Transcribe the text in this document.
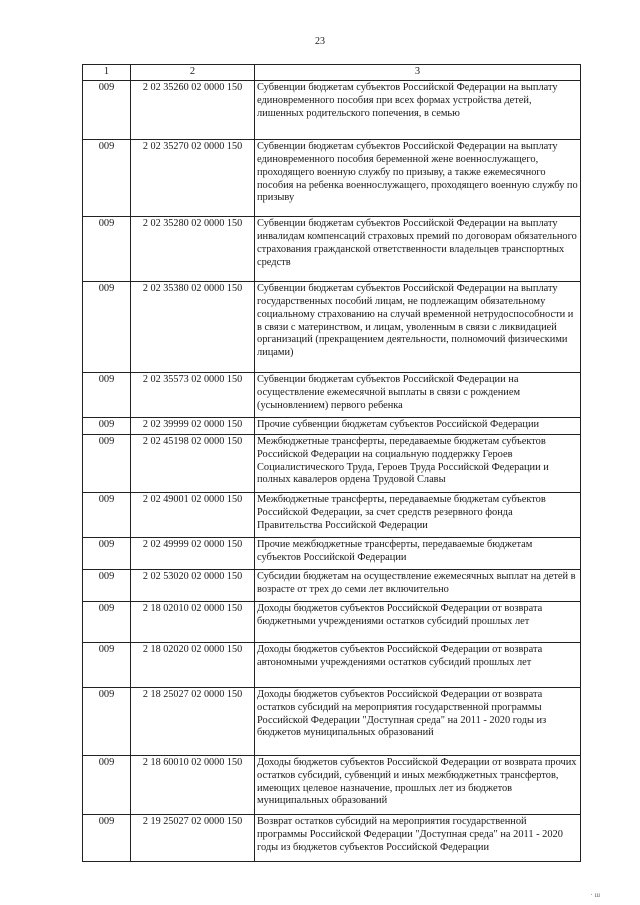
23
1	2	3
009	2 02 35260 02 0000 150	Субвенции бюджетам субъектов Российской Федерации на выплату единовременного пособия при всех формах устройства детей, лишенных родительского попечения, в семью
009	2 02 35270 02 0000 150	Субвенции бюджетам субъектов Российской Федерации на выплату единовременного пособия беременной жене военнослужащего, проходящего военную службу по призыву, а также ежемесячного пособия на ребенка военнослужащего, проходящего военную службу по призыву
009	2 02 35280 02 0000 150	Субвенции бюджетам субъектов Российской Федерации на выплату инвалидам компенсаций страховых премий по договорам обязательного страхования гражданской ответственности владельцев транспортных средств
009	2 02 35380 02 0000 150	Субвенции бюджетам субъектов Российской Федерации на выплату государственных пособий лицам, не подлежащим обязательному социальному страхованию на случай временной нетрудоспособности и в связи с материнством, и лицам, уволенным в связи с ликвидацией организаций (прекращением деятельности, полномочий физическими лицами)
009	2 02 35573 02 0000 150	Субвенции бюджетам субъектов Российской Федерации на осуществление ежемесячной выплаты в связи с рождением (усыновлением) первого ребенка
009	2 02 39999 02 0000 150	Прочие субвенции бюджетам субъектов Российской Федерации
009	2 02 45198 02 0000 150	Межбюджетные трансферты, передаваемые бюджетам субъектов Российской Федерации на социальную поддержку Героев Социалистического Труда, Героев Труда Российской Федерации и полных кавалеров ордена Трудовой Славы
009	2 02 49001 02 0000 150	Межбюджетные трансферты, передаваемые бюджетам субъектов Российской Федерации, за счет средств резервного фонда Правительства Российской Федерации
009	2 02 49999 02 0000 150	Прочие межбюджетные трансферты, передаваемые бюджетам субъектов Российской Федерации
009	2 02 53020 02 0000 150	Субсидии бюджетам на осуществление ежемесячных выплат на детей в возрасте от трех до семи лет включительно
009	2 18 02010 02 0000 150	Доходы бюджетов субъектов Российской Федерации от возврата бюджетными учреждениями остатков субсидий прошлых лет
009	2 18 02020 02 0000 150	Доходы бюджетов субъектов Российской Федерации от возврата автономными учреждениями остатков субсидий прошлых лет
009	2 18 25027 02 0000 150	Доходы бюджетов субъектов Российской Федерации от возврата остатков субсидий на мероприятия государственной программы Российской Федерации "Доступная среда" на 2011 - 2020 годы из бюджетов муниципальных образований
009	2 18 60010 02 0000 150	Доходы бюджетов субъектов Российской Федерации от возврата прочих остатков субсидий, субвенций и иных межбюджетных трансфертов, имеющих целевое назначение, прошлых лет из бюджетов муниципальных образований
009	2 19 25027 02 0000 150	Возврат остатков субсидий на мероприятия государственной программы Российской Федерации "Доступная среда" на 2011 - 2020 годы из бюджетов субъектов Российской Федерации
· ш
